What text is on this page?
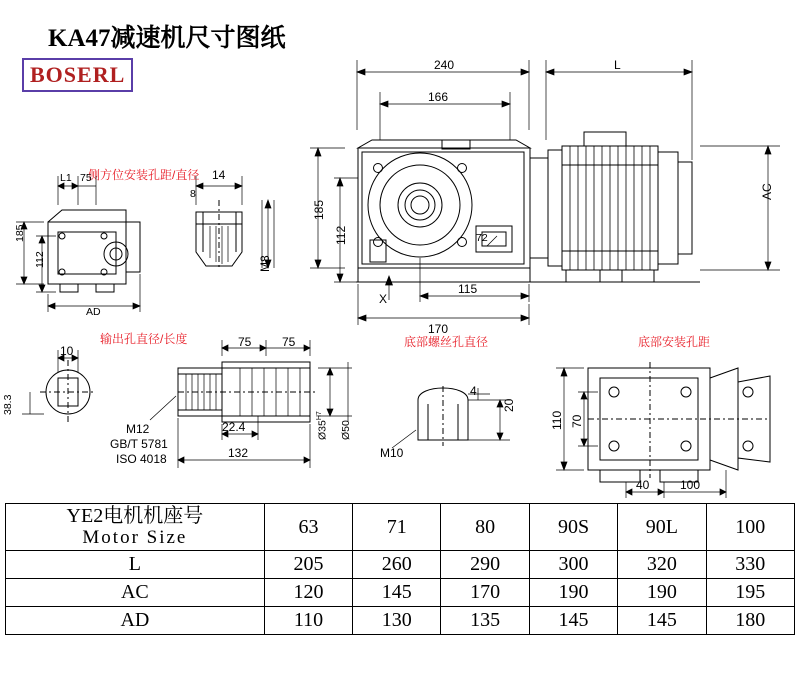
KA47减速机尺寸图纸
BOSERL
侧方位安装孔距/直径
输出孔直径/长度	底部螺丝孔直径	底部安装孔距
240	L
166
AC
185
112	72
X
115
170
L1 75
8
185
112
AD
14
M8
10
38.3
M12
GB/T 5781
ISO 4018
75	75
22.4
132
$Ø35^{H7}$
Ø50
4
20
M10
110 70
40	100
YE2电机机座号
Motor Size	63	71	80	90S	90L	100
L	205	260	290	300	320	330
AC	120	145	170	190	190	195
AD	110	130	135	145	145	180
